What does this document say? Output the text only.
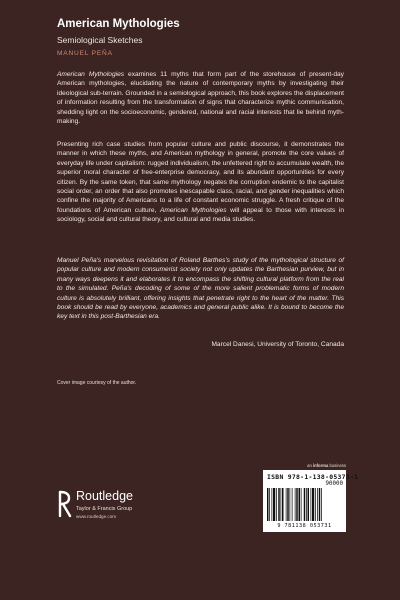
American Mythologies
Semiological Sketches
MANUEL PEÑA
American Mythologies examines 11 myths that form part of the storehouse of present-day American mythologies, elucidating the nature of contemporary myths by investigating their ideological sub-terrain. Grounded in a semiological approach, this book explores the displacement of information resulting from the transformation of signs that characterize mythic communication, shedding light on the socioeconomic, gendered, national and racial interests that lie behind myth-making.
Presenting rich case studies from popular culture and public discourse, it demonstrates the manner in which these myths, and American mythology in general, promote the core values of everyday life under capitalism: rugged individualism, the unfettered right to accumulate wealth, the superior moral character of free-enterprise democracy, and its abundant opportunities for every citizen. By the same token, that same mythology negates the corruption endemic to the capitalist social order, an order that also promotes inescapable class, racial, and gender inequalities which confine the majority of Americans to a life of constant economic struggle. A fresh critique of the foundations of American culture, American Mythologies will appeal to those with interests in sociology, social and cultural theory, and cultural and media studies.
Manuel Peña's marvelous revisitation of Roland Barthes's study of the mythological structure of popular culture and modern consumerist society not only updates the Barthesian purview, but in many ways deepens it and elaborates it to encompass the shifting cultural platform from the real to the simulated. Peña's decoding of some of the more salient problematic forms of modern culture is absolutely brilliant, offering insights that penetrate right to the heart of the matter. This book should be read by everyone, academics and general public alike. It is bound to become the key text in this post-Barthesian era.
Marcel Danesi, University of Toronto, Canada
Cover image courtesy of the author.
an informa business
Routledge
Taylor & Francis Group
www.routledge.com
ISBN 978-1-138-05373-1
90000
9 781138 053731
